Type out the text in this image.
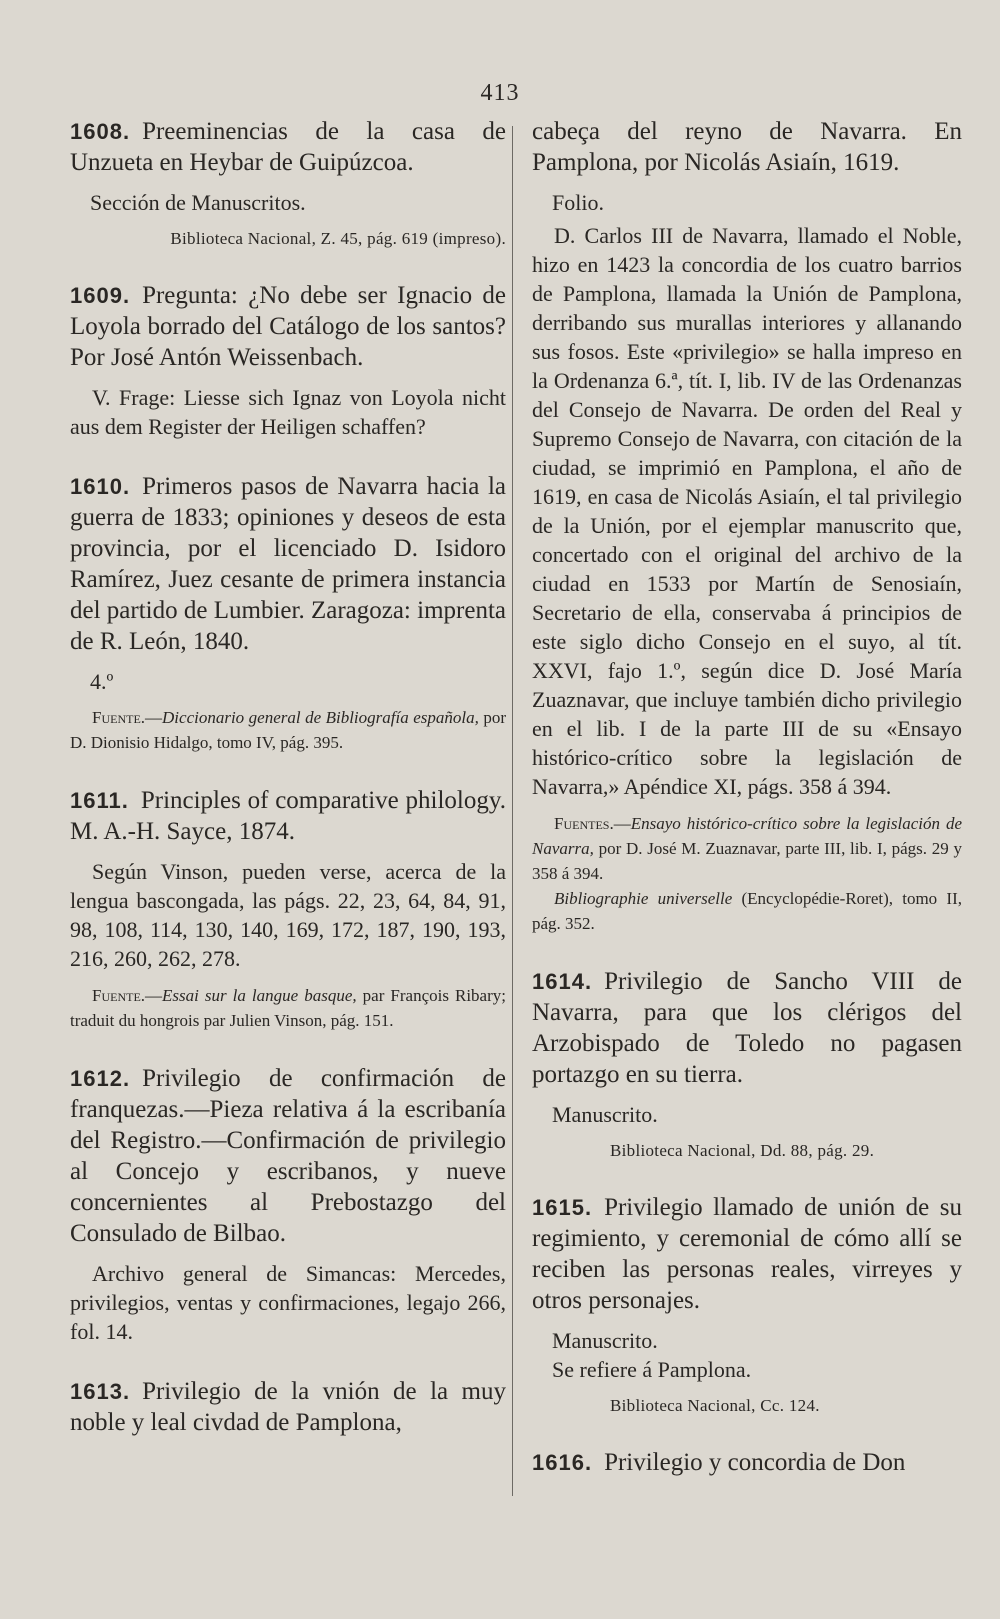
413

1608. Preeminencias de la casa de Unzueta en Heybar de Guipúzcoa.

Sección de Manuscritos.

Biblioteca Nacional, Z. 45, pág. 619 (impreso).

1609. Pregunta: ¿No debe ser Ignacio de Loyola borrado del Catálogo de los santos? Por José Antón Weissenbach.

V. Frage: Liesse sich Ignaz von Loyola nicht aus dem Register der Heiligen schaffen?

1610. Primeros pasos de Navarra hacia la guerra de 1833; opiniones y deseos de esta provincia, por el licenciado D. Isidoro Ramírez, Juez cesante de primera instancia del partido de Lumbier. Zaragoza: imprenta de R. León, 1840.

4.º

Fuente.—Diccionario general de Bibliografía española, por D. Dionisio Hidalgo, tomo IV, pág. 395.

1611. Principles of comparative philology. M. A.-H. Sayce, 1874.

Según Vinson, pueden verse, acerca de la lengua bascongada, las págs. 22, 23, 64, 84, 91, 98, 108, 114, 130, 140, 169, 172, 187, 190, 193, 216, 260, 262, 278.

Fuente.—Essai sur la langue basque, par François Ribary; traduit du hongrois par Julien Vinson, pág. 151.

1612. Privilegio de confirmación de franquezas.—Pieza relativa á la escribanía del Registro.—Confirmación de privilegio al Concejo y escribanos, y nueve concernientes al Prebostazgo del Consulado de Bilbao.

Archivo general de Simancas: Mercedes, privilegios, ventas y confirmaciones, legajo 266, fol. 14.

1613. Privilegio de la vnión de la muy noble y leal civdad de Pamplona,

cabeça del reyno de Navarra. En Pamplona, por Nicolás Asiaín, 1619.

Folio.

D. Carlos III de Navarra, llamado el Noble, hizo en 1423 la concordia de los cuatro barrios de Pamplona, llamada la Unión de Pamplona, derribando sus murallas interiores y allanando sus fosos. Este «privilegio» se halla impreso en la Ordenanza 6.ª, tít. I, lib. IV de las Ordenanzas del Consejo de Navarra. De orden del Real y Supremo Consejo de Navarra, con citación de la ciudad, se imprimió en Pamplona, el año de 1619, en casa de Nicolás Asiaín, el tal privilegio de la Unión, por el ejemplar manuscrito que, concertado con el original del archivo de la ciudad en 1533 por Martín de Senosiaín, Secretario de ella, conservaba á principios de este siglo dicho Consejo en el suyo, al tít. XXVI, fajo 1.º, según dice D. José María Zuaznavar, que incluye también dicho privilegio en el lib. I de la parte III de su «Ensayo histórico-crítico sobre la legislación de Navarra,» Apéndice XI, págs. 358 á 394.

Fuentes.—Ensayo histórico-crítico sobre la legislación de Navarra, por D. José M. Zuaznavar, parte III, lib. I, págs. 29 y 358 á 394.

Bibliographie universelle (Encyclopédie-Roret), tomo II, pág. 352.

1614. Privilegio de Sancho VIII de Navarra, para que los clérigos del Arzobispado de Toledo no pagasen portazgo en su tierra.

Manuscrito.

Biblioteca Nacional, Dd. 88, pág. 29.

1615. Privilegio llamado de unión de su regimiento, y ceremonial de cómo allí se reciben las personas reales, virreyes y otros personajes.

Manuscrito.

Se refiere á Pamplona.

Biblioteca Nacional, Cc. 124.

1616. Privilegio y concordia de Don
